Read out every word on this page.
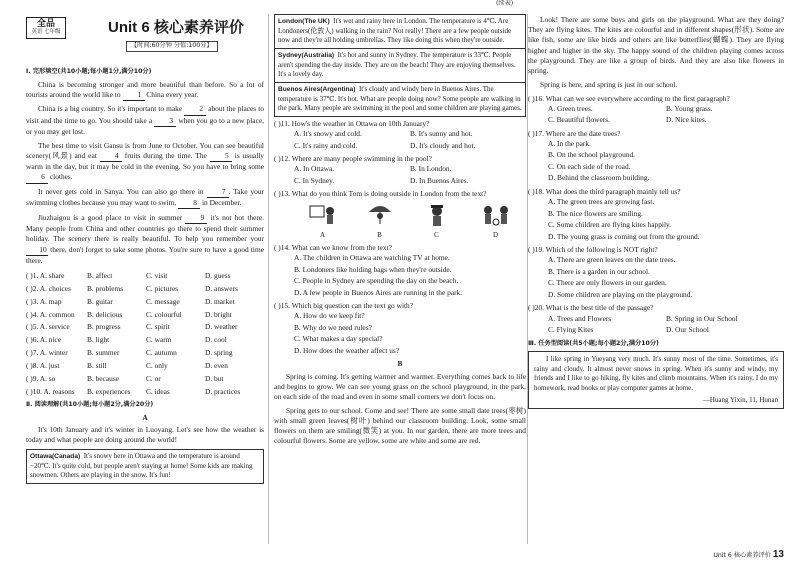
全品
英语 七年级	Unit 6 核心素养评价
【时间:60分钟 分值:100分】
Ⅰ. 完形填空(共10小题;每小题1分,满分10分)

China is becoming stronger and more beautiful than before. So a lot of tourists around the world like to 1 China every year.

China is a big country. So it's important to make 2 about the places to visit and the time to go. You should take a 3 when you go to a new place, or you may get lost.

The best time to visit Gansu is from June to October. You can see beautiful scenery(风景) and eat 4 fruits during the time. The 5 is usually warm in the day, but it may be cold in the evening. So you have to bring some 6 clothes.

It never gets cold in Sanya. You can also go there in 7 . Take your swimming clothes because you may want to swim, 8 in December.

Jiuzhaigou is a good place to visit in summer 9 it's not hot there. Many people from China and other countries go there to spend their summer holiday. The scenery there is really beautiful. To help you remember your 10 there, don't forget to take some photos. You're sure to have a good time there.

( )1. A. share	B. affect	C. visit	D. guess
( )2. A. choices	B. problems	C. pictures	D. answers
( )3. A. map	B. guitar	C. message	D. market
( )4. A. common	B. delicious	C. colourful	D. bright
( )5. A. service	B. progress	C. spirit	D. weather
( )6. A. nice	B. light	C. warm	D. cool
( )7. A. winter	B. summer	C. autumn	D. spring
( )8. A. just	B. still	C. only	D. even
( )9. A. so	B. because	C. or	D. but
( )10. A. reasons	B. experiences	C. ideas	D. practices
Ⅱ. 阅读理解(共10小题;每小题2分,满分20分)
A

It's 10th January and it's winter in Luoyang. Let's see how the weather is today and what people are doing around the world!

Ottawa(Canada) It's snowy here in Ottawa and the temperature is around −20℃. It's quite cold, but people aren't staying at home! Some kids are making snowmen. Others are playing in the snow. It's fun!
London(The UK) It's wet and rainy here in London. The temperature is 4℃. Are Londoners(伦敦人) walking in the rain? Not really! There are a few people outside now and they're all holding umbrellas. They like doing this when they're outside.
Sydney(Australia) It's hot and sunny in Sydney. The temperature is 33℃. People aren't spending the day inside. They are on the beach! They are enjoying themselves. It's a lovely day.
Buenos Aires(Argentina) It's cloudy and windy here in Buenos Aires. The temperature is 37℃. It's hot. What are people doing now? Some people are walking in the park. Many people are swimming in the pool and some children are playing games.
( )11. How's the weather in Ottawa on 10th January?
A. It's snowy and cold.	B. It's sunny and hot.
C. It's rainy and cold.	D. It's cloudy and hot.
( )12. Where are many people swimming in the pool?
A. In Ottawa.	B. In London.
C. In Sydney.	D. In Buenos Aires.
( )13. What do you think Tom is doing outside in London from the text?
A	B	C	D
( )14. What can we know from the text?
A. The children in Ottawa are watching TV at home.
B. Londoners like holding bags when they're outside.
C. People in Sydney are spending the day on the beach.
D. A few people in Buenos Aires are running in the park.
( )15. Which big question can the text go with?
A. How do we keep fit?
B. Why do we need rules?
C. What makes a day special?
D. How does the weather affect us?
B

Spring is coming. It's getting warmer and warmer. Everything comes back to life and begins to grow. We can see young grass on the school playground, in the park, on each side of the road and even in some small corners we don't focus on.

Spring gets to our school. Come and see! There are some small date trees(枣树) with small green leaves(树叶) behind our classroom building. Look, some small flowers on them are smiling(微笑) at you. In our garden, there are more trees and colourful flowers. Some are yellow, some are white and some are red.

(续表)

Look! There are some boys and girls on the playground. What are they doing? They are flying kites. The kites are colourful and in different shapes(形状). Some are like fish, some are like birds and others are like butterflies(蝴蝶). They are flying higher and higher in the sky. The happy sound of the children playing comes across the playground. They are like a group of birds. And they are also like flowers in spring.

Spring is here, and spring is just in our school.

( )16. What can we see everywhere according to the first paragraph?
A. Green trees.	B. Young grass.
C. Beautiful flowers.	D. Nice kites.
( )17. Where are the date trees?
A. In the park.
B. On the school playground.
C. On each side of the road.
D. Behind the classroom building.
( )18. What does the third paragraph mainly tell us?
A. The green trees are growing fast.
B. The nice flowers are smiling.
C. Some children are flying kites happily.
D. The young grass is coming out from the ground.
( )19. Which of the following is NOT right?
A. There are green leaves on the date trees.
B. There is a garden in our school.
C. There are only flowers in our garden.
D. Some children are playing on the playground.
( )20. What is the best title of the passage?
A. Trees and Flowers	B. Spring in Our School
C. Flying Kites	D. Our School
Ⅲ. 任务型阅读(共5小题;每小题2分,满分10分)

I like spring in Yueyang very much. It's sunny most of the time. Sometimes, it's rainy and cloudy. It almost never snows in spring. When it's sunny and windy, my friends and I like to go hiking, fly kites and climb mountains. When it's rainy, I do my homework, read books or play computer games at home.

—Huang Yixin, 11, Hunan
Unit 6 核心素养评价 13
